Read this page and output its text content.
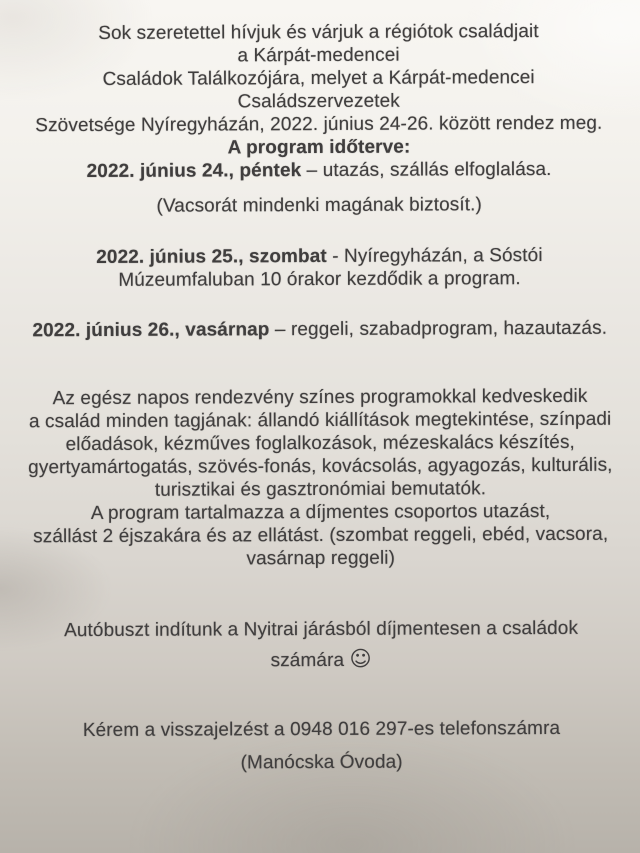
Sok szeretettel hívjuk és várjuk a régiótok családjait
a Kárpát-medencei
Családok Találkozójára, melyet a Kárpát-medencei
Családszervezetek
Szövetsége Nyíregyházán, 2022. június 24-26. között rendez meg.
A program időterve:
2022. június 24., péntek – utazás, szállás elfoglalása.
(Vacsorát mindenki magának biztosít.)
2022. június 25., szombat - Nyíregyházán, a Sóstói
Múzeumfaluban 10 órakor kezdődik a program.
2022. június 26., vasárnap – reggeli, szabadprogram, hazautazás.
Az egész napos rendezvény színes programokkal kedveskedik
a család minden tagjának: állandó kiállítások megtekintése, színpadi
előadások, kézműves foglalkozások, mézeskalács készítés,
gyertyamártogatás, szövés-fonás, kovácsolás, agyagozás, kulturális,
turisztikai és gasztronómiai bemutatók.
A program tartalmazza a díjmentes csoportos utazást,
szállást 2 éjszakára és az ellátást. (szombat reggeli, ebéd, vacsora,
vasárnap reggeli)
Autóbuszt indítunk a Nyitrai járásból díjmentesen a családok
számára ☺
Kérem a visszajelzést a 0948 016 297-es telefonszámra
(Manócska Óvoda)
